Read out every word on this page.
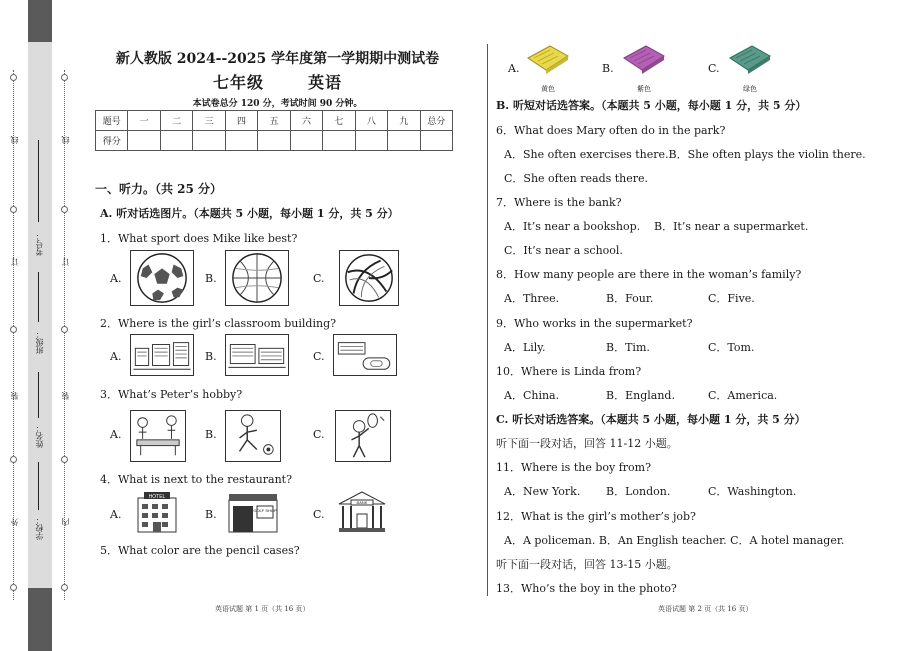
线
订
装
外
线
订
装
内
考号：
班级：
姓名：
学校：
新人教版 2024--2025 学年度第一学期期中测试卷
七年级	英语
本试卷总分 120 分，考试时间 90 分钟。
题号	一	二	三	四	五	六	七	八	九	总分
得分										
一、听力。（共 25 分）
A. 听对话选图片。（本题共 5 小题，每小题 1 分，共 5 分）
1．What sport does Mike like best?
A.	B.	C.
2．Where is the girl’s classroom building?
A.	B.	C.
3．What’s Peter’s hobby?
A.	B.	C.
4．What is next to the restaurant?
A.
HOTEL
B.	GOLF SHOP	C.
BANK
5．What color are the pencil cases?
英语试题 第 1 页（共 16 页）
A.
黄色
B.
紫色
C.
绿色
B. 听短对话选答案。（本题共 5 小题，每小题 1 分，共 5 分）
6．What does Mary often do in the park?
A．She often exercises there.B．She often plays the violin there.
C．She often reads there.
7．Where is the bank?
A．It’s near a bookshop. B．It’s near a supermarket.
C．It’s near a school.
8．How many people are there in the woman’s family?
A．Three.	B．Four.	C．Five.
9．Who works in the supermarket?
A．Lily.	B．Tim.	C．Tom.
10．Where is Linda from?
A．China.	B．England.	C．America.
C. 听长对话选答案。（本题共 5 小题，每小题 1 分，共 5 分）
听下面一段对话，回答 11-12 小题。
11．Where is the boy from?
A．New York. B．London.	C．Washington.
12．What is the girl’s mother’s job?
A．A policeman. B．An English teacher. C．A hotel manager.
听下面一段对话，回答 13-15 小题。
13．Who’s the boy in the photo?
英语试题 第 2 页（共 16 页）
